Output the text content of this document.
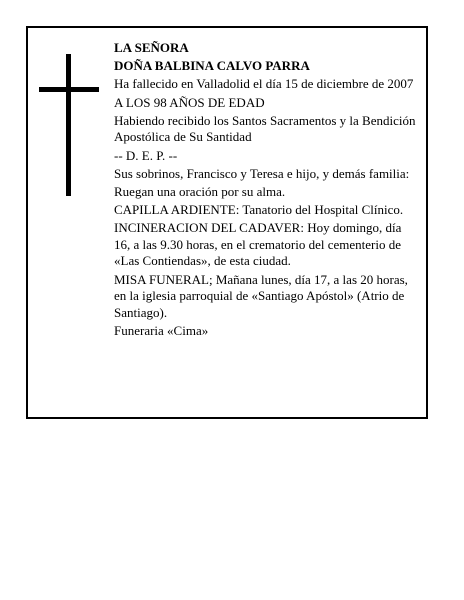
LA SEÑORA

DOÑA BALBINA CALVO PARRA

Ha fallecido en Valladolid el día 15 de diciembre de 2007

A LOS 98 AÑOS DE EDAD

Habiendo recibido los Santos Sacramentos y la Bendición Apostólica de Su Santidad

-- D. E. P. --

Sus sobrinos, Francisco y Teresa e hijo, y demás familia:

Ruegan una oración por su alma.

CAPILLA ARDIENTE: Tanatorio del Hospital Clínico.

INCINERACION DEL CADAVER: Hoy domingo, día 16, a las 9.30 horas, en el crematorio del cementerio de «Las Contiendas», de esta ciudad.

MISA FUNERAL; Mañana lunes, día 17, a las 20 horas, en la iglesia parroquial de «Santiago Apóstol» (Atrio de Santiago).

Funeraria «Cima»
